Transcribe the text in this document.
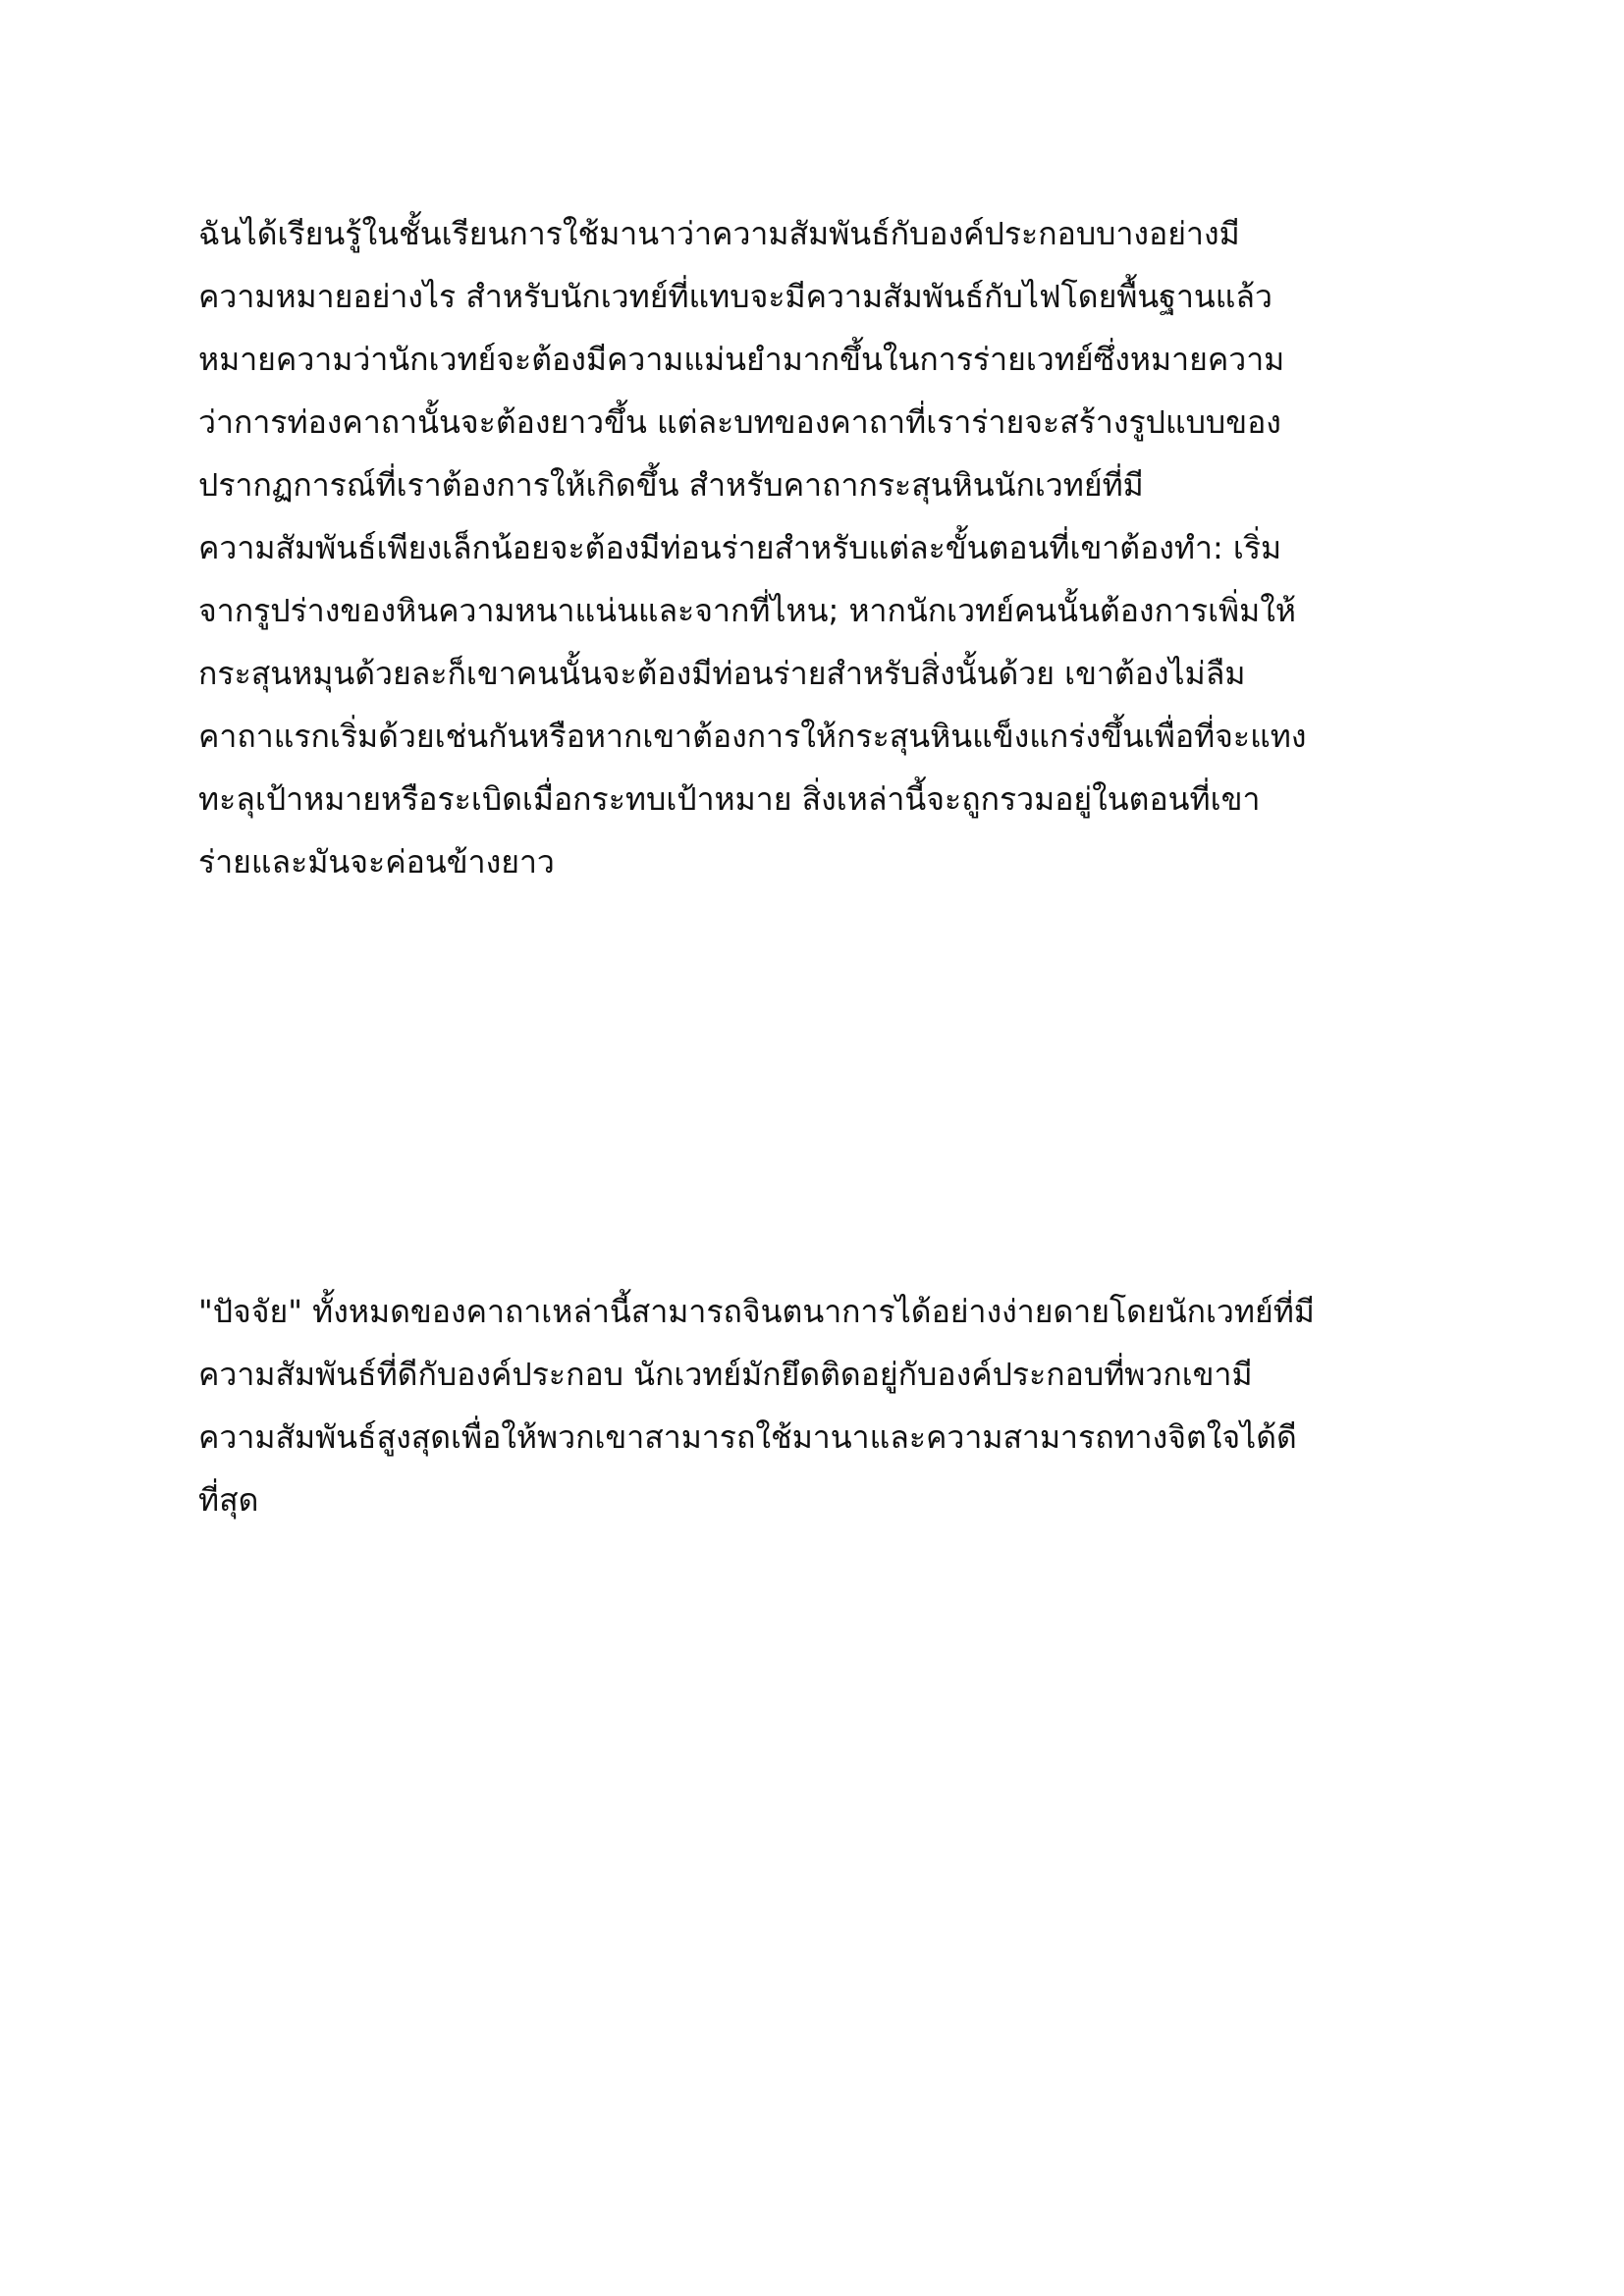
ฉันได้เรียนรู้ในชั้นเรียนการใช้มานาว่าความสัมพันธ์กับองค์ประกอบบางอย่างมี
ความหมายอย่างไร สำหรับนักเวทย์ที่แทบจะมีความสัมพันธ์กับไฟโดยพื้นฐานแล้ว
หมายความว่านักเวทย์จะต้องมีความแม่นยำมากขึ้นในการร่ายเวทย์ซึ่งหมายความ
ว่าการท่องคาถานั้นจะต้องยาวขึ้น แต่ละบทของคาถาที่เราร่ายจะสร้างรูปแบบของ
ปรากฏการณ์ที่เราต้องการให้เกิดขึ้น สำหรับคาถากระสุนหินนักเวทย์ที่มี
ความสัมพันธ์เพียงเล็กน้อยจะต้องมีท่อนร่ายสำหรับแต่ละขั้นตอนที่เขาต้องทำ: เริ่ม
จากรูปร่างของหินความหนาแน่นและจากที่ไหน; หากนักเวทย์คนนั้นต้องการเพิ่มให้
กระสุนหมุนด้วยละก็เขาคนนั้นจะต้องมีท่อนร่ายสำหรับสิ่งนั้นด้วย เขาต้องไม่ลืม
คาถาแรกเริ่มด้วยเช่นกันหรือหากเขาต้องการให้กระสุนหินแข็งแกร่งขึ้นเพื่อที่จะแทง
ทะลุเป้าหมายหรือระเบิดเมื่อกระทบเป้าหมาย สิ่งเหล่านี้จะถูกรวมอยู่ในตอนที่เขา
ร่ายและมันจะค่อนข้างยาว
"ปัจจัย" ทั้งหมดของคาถาเหล่านี้สามารถจินตนาการได้อย่างง่ายดายโดยนักเวทย์ที่มี
ความสัมพันธ์ที่ดีกับองค์ประกอบ นักเวทย์มักยึดติดอยู่กับองค์ประกอบที่พวกเขามี
ความสัมพันธ์สูงสุดเพื่อให้พวกเขาสามารถใช้มานาและความสามารถทางจิตใจได้ดี
ที่สุด
